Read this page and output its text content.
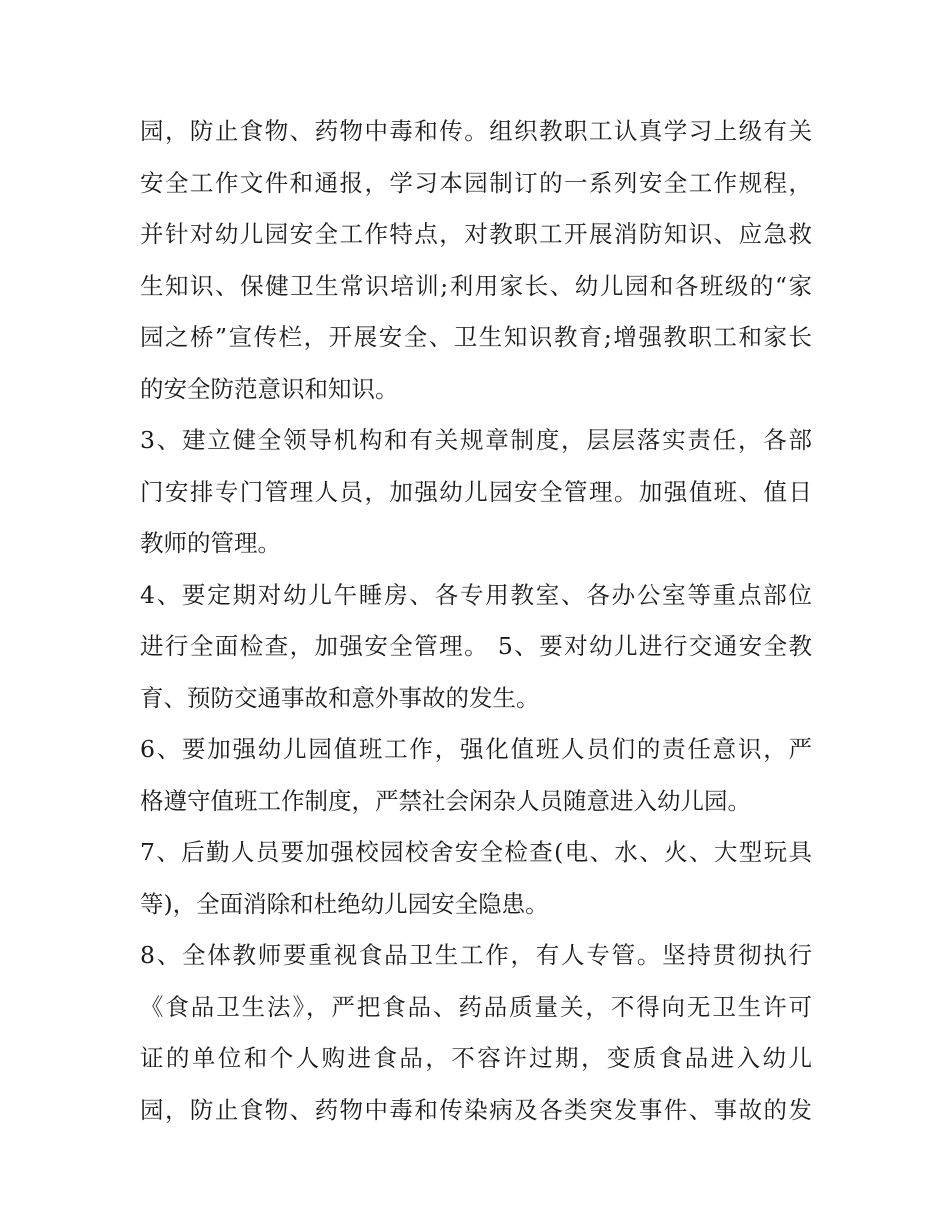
园，防止食物、药物中毒和传。组织教职工认真学习上级有关
安全工作文件和通报，学习本园制订的一系列安全工作规程，
并针对幼儿园安全工作特点，对教职工开展消防知识、应急救
生知识、保健卫生常识培训;利用家长、幼儿园和各班级的“家
园之桥”宣传栏，开展安全、卫生知识教育;增强教职工和家长
的安全防范意识和知识。
3、建立健全领导机构和有关规章制度，层层落实责任，各部
门安排专门管理人员，加强幼儿园安全管理。加强值班、值日
教师的管理。
4、要定期对幼儿午睡房、各专用教室、各办公室等重点部位
进行全面检查，加强安全管理。 5、要对幼儿进行交通安全教
育、预防交通事故和意外事故的发生。
6、要加强幼儿园值班工作，强化值班人员们的责任意识，严
格遵守值班工作制度，严禁社会闲杂人员随意进入幼儿园。
7、后勤人员要加强校园校舍安全检查(电、水、火、大型玩具
等)，全面消除和杜绝幼儿园安全隐患。
8、全体教师要重视食品卫生工作，有人专管。坚持贯彻执行
《食品卫生法》，严把食品、药品质量关，不得向无卫生许可
证的单位和个人购进食品，不容许过期，变质食品进入幼儿
园，防止食物、药物中毒和传染病及各类突发事件、事故的发
